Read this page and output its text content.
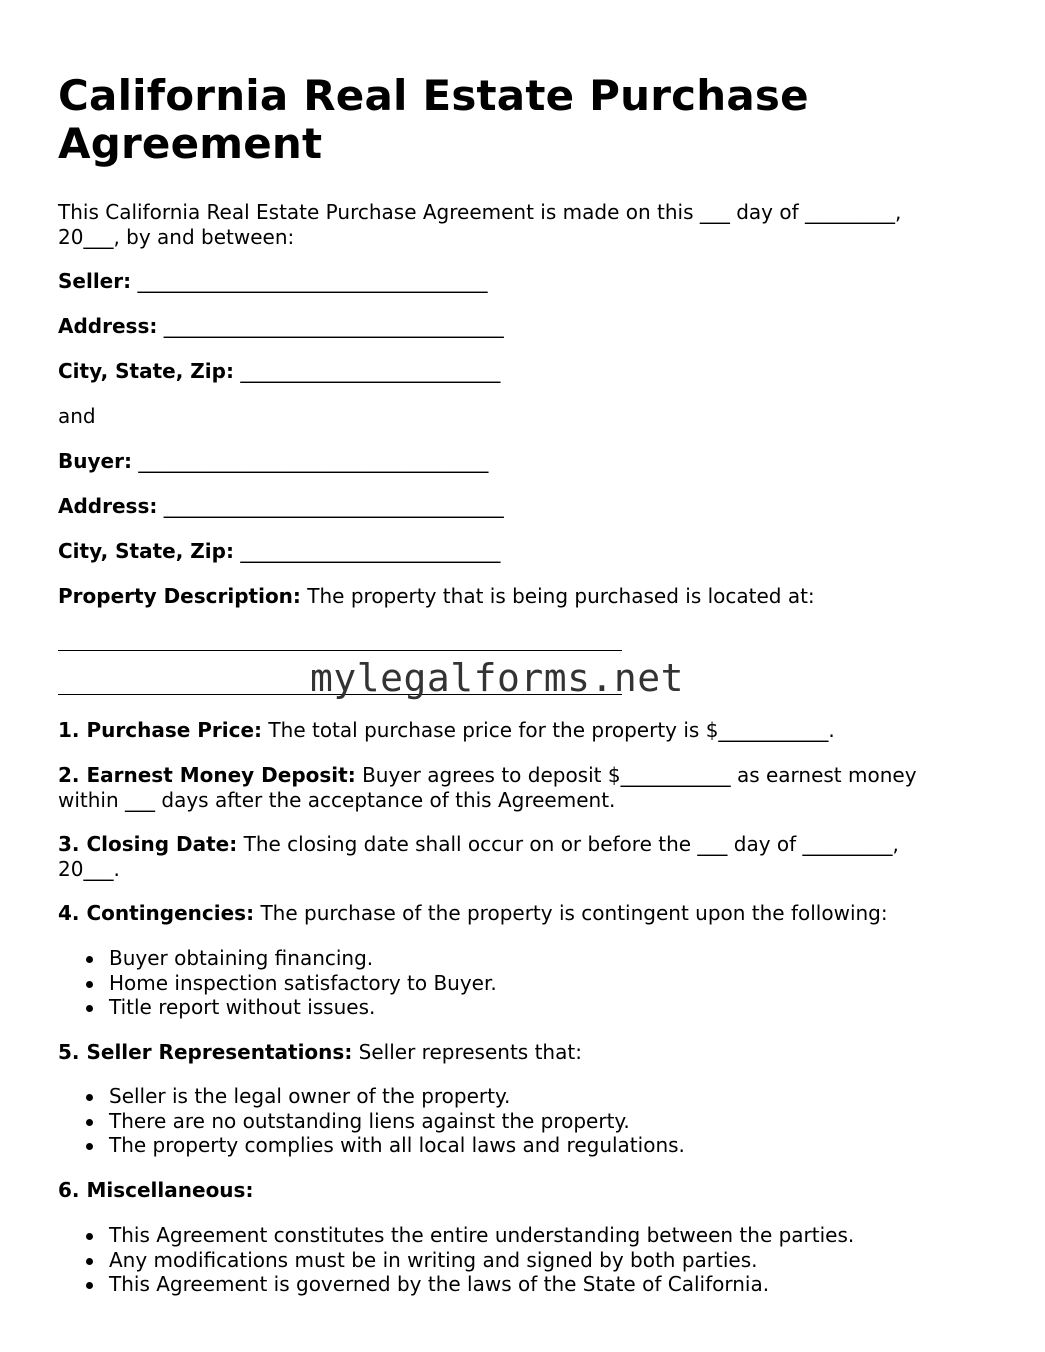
California Real Estate Purchase Agreement

This California Real Estate Purchase Agreement is made on this ___ day of _________,
20___, by and between:

Seller: ___________________________________

Address: __________________________________

City, State, Zip: __________________________

and

Buyer: ___________________________________

Address: __________________________________

City, State, Zip: __________________________

Property Description: The property that is being purchased is located at:

mylegalforms.net

1. Purchase Price: The total purchase price for the property is $___________.

2. Earnest Money Deposit: Buyer agrees to deposit $___________ as earnest money
within ___ days after the acceptance of this Agreement.

3. Closing Date: The closing date shall occur on or before the ___ day of _________,
20___.

4. Contingencies: The purchase of the property is contingent upon the following:

Buyer obtaining financing.
Home inspection satisfactory to Buyer.
Title report without issues.

5. Seller Representations: Seller represents that:

Seller is the legal owner of the property.
There are no outstanding liens against the property.
The property complies with all local laws and regulations.

6. Miscellaneous:

This Agreement constitutes the entire understanding between the parties.
Any modifications must be in writing and signed by both parties.
This Agreement is governed by the laws of the State of California.
